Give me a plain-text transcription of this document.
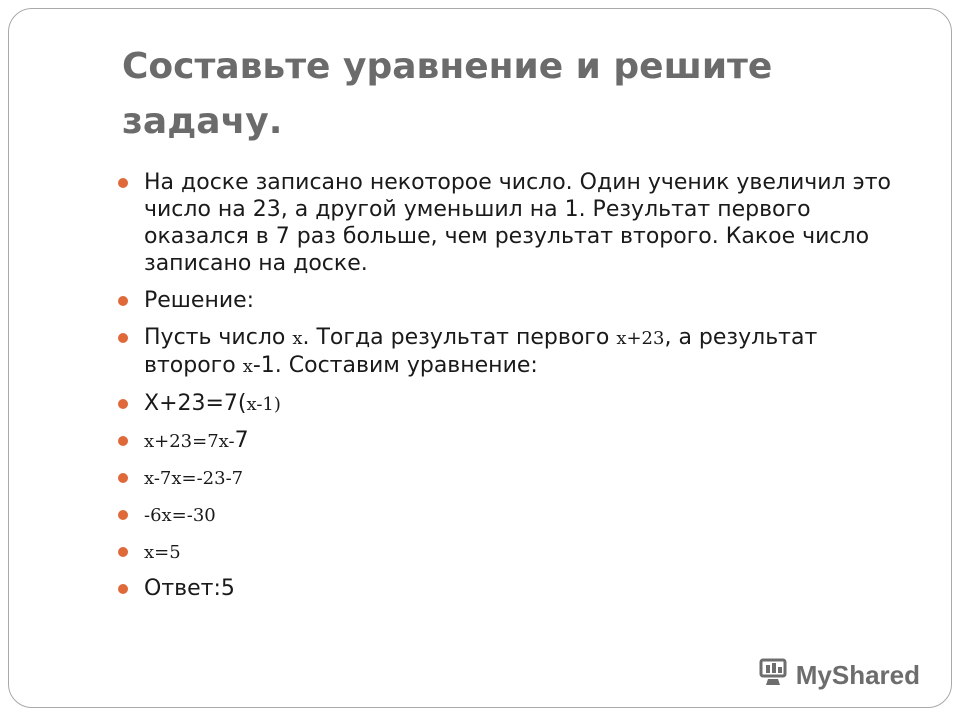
Составьте уравнение и решите задачу.
На доске записано некоторое число. Один ученик увеличил это число на 23, а другой уменьшил на 1. Результат первого оказался в 7 раз больше, чем результат второго. Какое число записано на доске.
Решение:
Пусть число x. Тогда результат первого x+23, а результат второго x-1. Составим уравнение:
X+23=7(x-1)
x+23=7x-7
x-7x=-23-7
-6x=-30
x=5
Ответ:5
MyShared
